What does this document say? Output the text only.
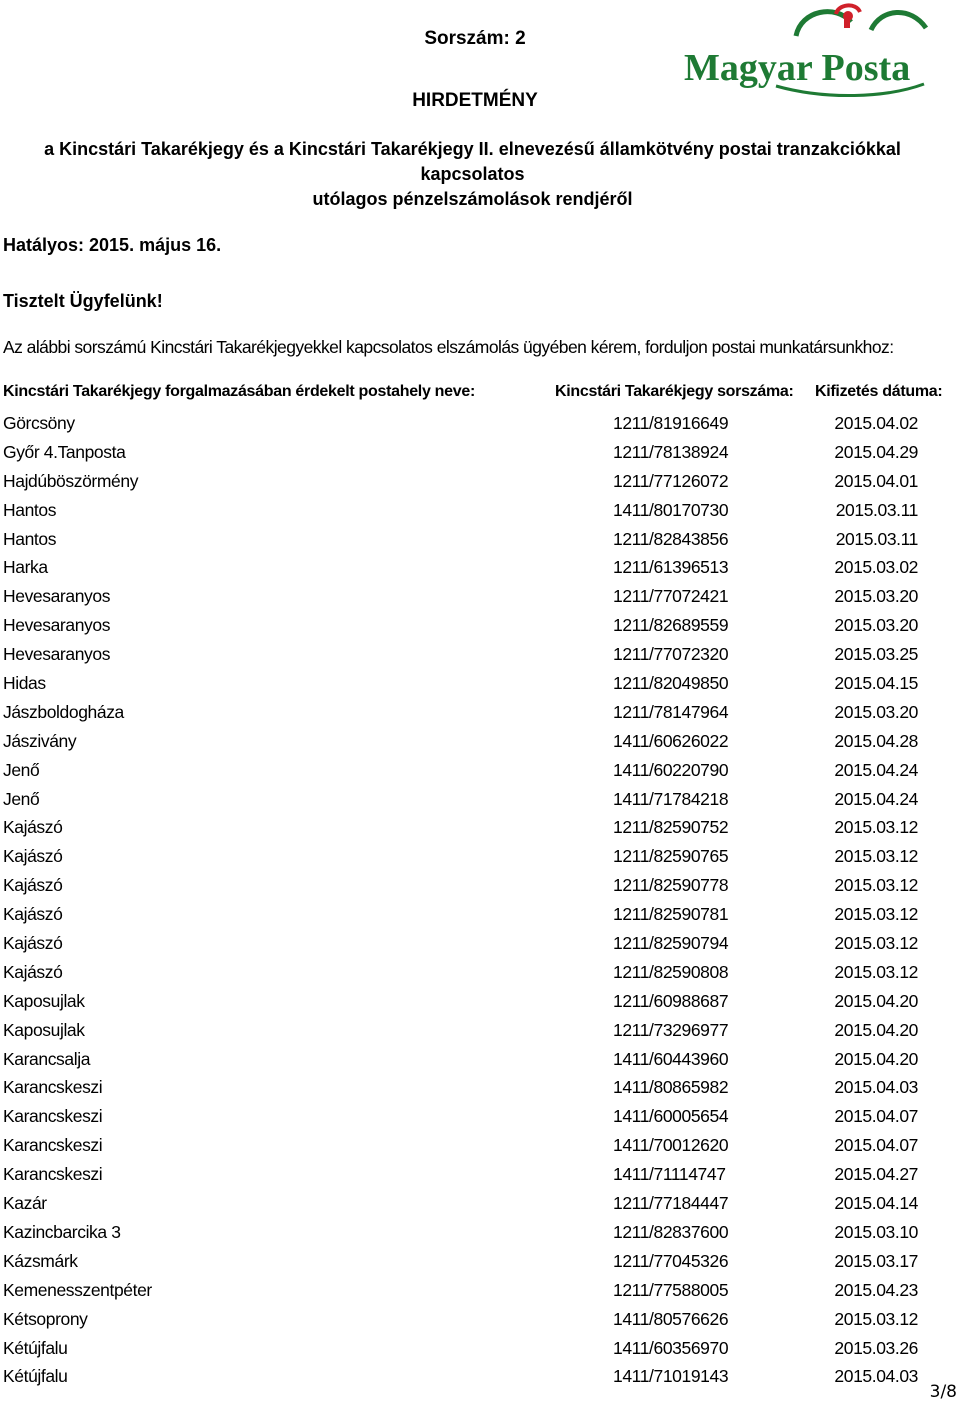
Sorszám: 2
Magyar Posta
HIRDETMÉNY
a Kincstári Takarékjegy és a Kincstári Takarékjegy II. elnevezésű államkötvény postai tranzakciókkal kapcsolatos
utólagos pénzelszámolások rendjéről
Hatályos: 2015. május 16.
Tisztelt Ügyfelünk!
Az alábbi sorszámú Kincstári Takarékjegyekkel kapcsolatos elszámolás ügyében kérem, forduljon postai munkatársunkhoz:
Kincstári Takarékjegy forgalmazásában érdekelt postahely neve:	Kincstári Takarékjegy sorszáma: Kifizetés dátuma:
Görcsöny	1211/81916649	2015.04.02
Győr 4.Tanposta	1211/78138924	2015.04.29
Hajdúböszörmény	1211/77126072	2015.04.01
Hantos	1411/80170730	2015.03.11
Hantos	1211/82843856	2015.03.11
Harka	1211/61396513	2015.03.02
Hevesaranyos	1211/77072421	2015.03.20
Hevesaranyos	1211/82689559	2015.03.20
Hevesaranyos	1211/77072320	2015.03.25
Hidas	1211/82049850	2015.04.15
Jászboldogháza	1211/78147964	2015.03.20
Jászivány	1411/60626022	2015.04.28
Jenő	1411/60220790	2015.04.24
Jenő	1411/71784218	2015.04.24
Kajászó	1211/82590752	2015.03.12
Kajászó	1211/82590765	2015.03.12
Kajászó	1211/82590778	2015.03.12
Kajászó	1211/82590781	2015.03.12
Kajászó	1211/82590794	2015.03.12
Kajászó	1211/82590808	2015.03.12
Kaposujlak	1211/60988687	2015.04.20
Kaposujlak	1211/73296977	2015.04.20
Karancsalja	1411/60443960	2015.04.20
Karancskeszi	1411/80865982	2015.04.03
Karancskeszi	1411/60005654	2015.04.07
Karancskeszi	1411/70012620	2015.04.07
Karancskeszi	1411/71114747	2015.04.27
Kazár	1211/77184447	2015.04.14
Kazincbarcika 3	1211/82837600	2015.03.10
Kázsmárk	1211/77045326	2015.03.17
Kemenesszentpéter	1211/77588005	2015.04.23
Kétsoprony	1411/80576626	2015.03.12
Kétújfalu	1411/60356970	2015.03.26
Kétújfalu	1411/71019143	2015.04.03
3/8
